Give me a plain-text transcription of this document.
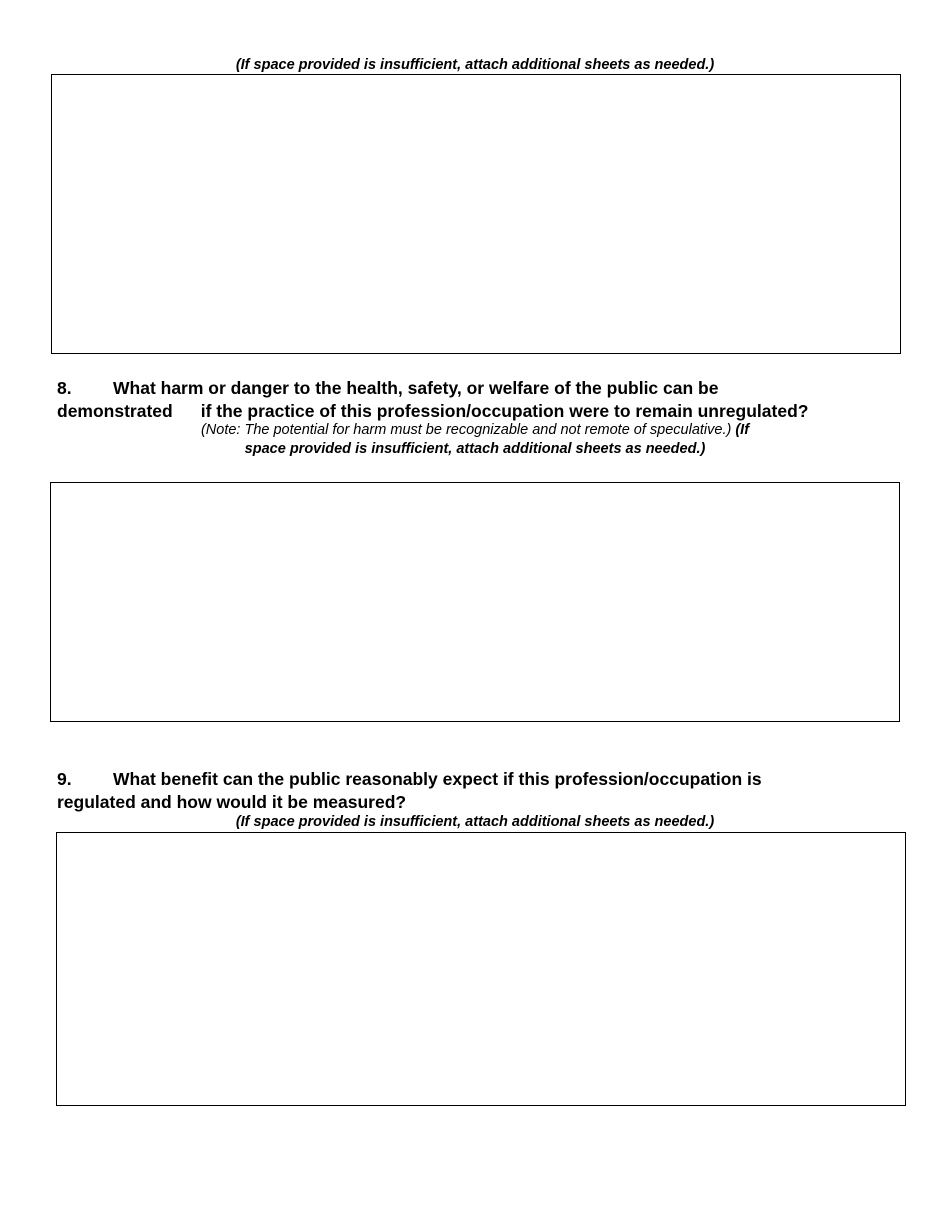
(If space provided is insufficient, attach additional sheets as needed.)

8. What harm or danger to the health, safety, or welfare of the public can be
demonstrated if the practice of this profession/occupation were to remain unregulated?
(Note: The potential for harm must be recognizable and not remote of speculative.) (If
space provided is insufficient, attach additional sheets as needed.)
9. What benefit can the public reasonably expect if this profession/occupation is
regulated and how would it be measured?

(If space provided is insufficient, attach additional sheets as needed.)
